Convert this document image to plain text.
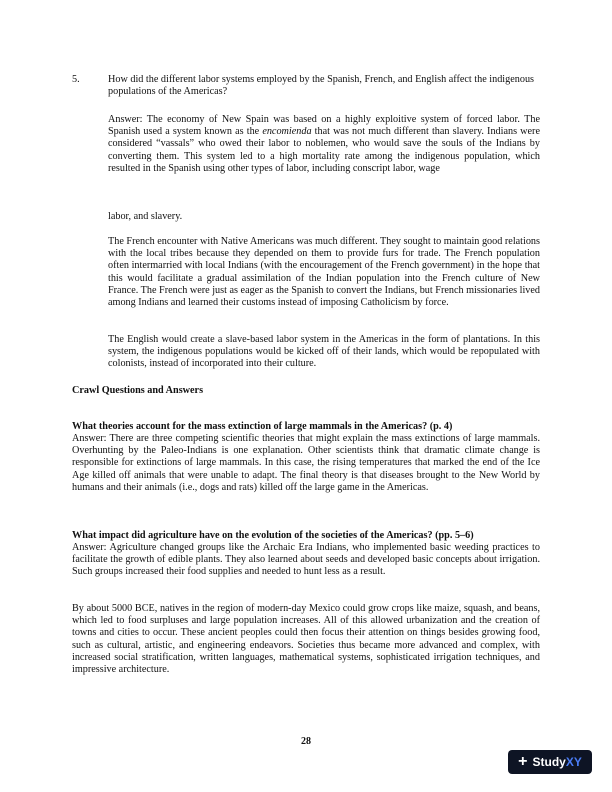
5.	How did the different labor systems employed by the Spanish, French, and English affect the indigenous populations of the Americas?

Answer: The economy of New Spain was based on a highly exploitive system of forced labor. The Spanish used a system known as the encomienda that was not much different than slavery. Indians were considered “vassals” who owed their labor to noblemen, who would save the souls of the Indians by converting them. This system led to a high mortality rate among the indigenous population, which resulted in the Spanish using other types of labor, including conscript labor, wage

labor, and slavery.

The French encounter with Native Americans was much different. They sought to maintain good relations with the local tribes because they depended on them to provide furs for trade. The French population often intermarried with local Indians (with the encouragement of the French government) in the hope that this would facilitate a gradual assimilation of the Indian population into the French culture of New France. The French were just as eager as the Spanish to convert the Indians, but French missionaries lived among Indians and learned their customs instead of imposing Catholicism by force.

The English would create a slave-based labor system in the Americas in the form of plantations. In this system, the indigenous populations would be kicked off of their lands, which would be repopulated with colonists, instead of incorporated into their culture.

Crawl Questions and Answers

What theories account for the mass extinction of large mammals in the Americas? (p. 4)

Answer: There are three competing scientific theories that might explain the mass extinctions of large mammals. Overhunting by the Paleo-Indians is one explanation. Other scientists think that dramatic climate change is responsible for extinctions of large mammals. In this case, the rising temperatures that marked the end of the Ice Age killed off animals that were unable to adapt. The final theory is that diseases brought to the New World by humans and their animals (i.e., dogs and rats) killed off the large game in the Americas.

What impact did agriculture have on the evolution of the societies of the Americas? (pp. 5–6)

Answer: Agriculture changed groups like the Archaic Era Indians, who implemented basic weeding practices to facilitate the growth of edible plants. They also learned about seeds and developed basic concepts about irrigation. Such groups increased their food supplies and needed to hunt less as a result.

By about 5000 BCE, natives in the region of modern-day Mexico could grow crops like maize, squash, and beans, which led to food surpluses and large population increases. All of this allowed urbanization and the creation of towns and cities to occur. These ancient peoples could then focus their attention on things besides growing food, such as cultural, artistic, and engineering endeavors. Societies thus became more advanced and complex, with increased social stratification, written languages, mathematical systems, sophisticated irrigation techniques, and impressive architecture.

28
+ Study XY
